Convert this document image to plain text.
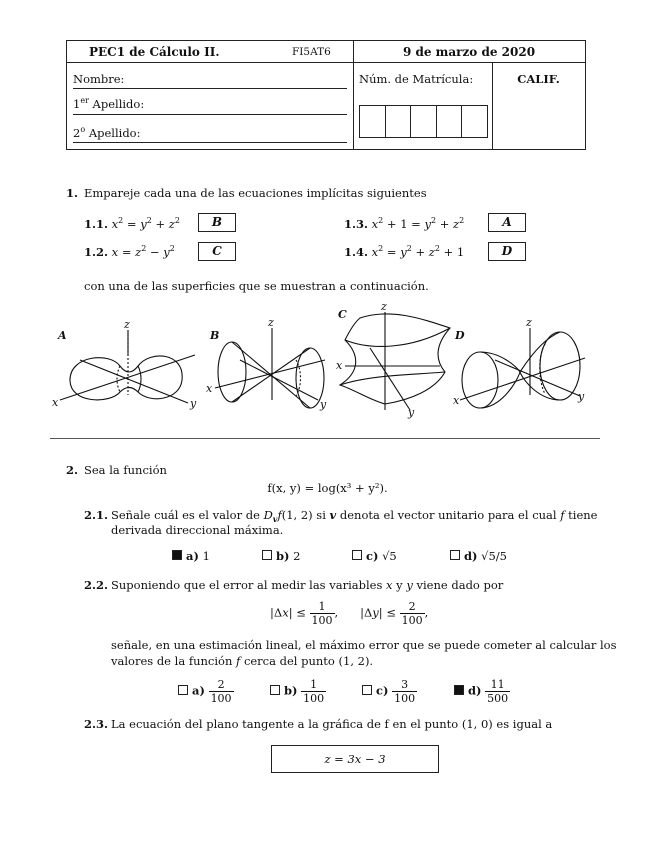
PEC1 de Cálculo II.	FI5AT6	9 de marzo de 2020
Nombre:
1er Apellido:
2$^o$ Apellido:
Núm. de Matrícula:	CALIF.
1. Empareje cada una de las ecuaciones implícitas siguientes
1.1. $x^2 = y^2 + z^2$	B
1.2. $x = z^2 - y^2$	C
1.3. $x^2 + 1 = y^2 + z^2$	A
1.4. $x^2 = y^2 + z^2 + 1$	D
con una de las superficies que se muestran a continuación.
A
z
x	y
B
z
x
y
C
z
x
y
D
z
x	y
2. Sea la función
f(x, y) = log(x³ + y²).
2.1. Señale cuál es el valor de $D_vf(1$, 2) si v denota el vector unitario para el cual f tiene
derivada direccional máxima.
a) 1	b) 2	c) √5	d) √5/5
2.2. Suponiendo que el error al medir las variables x y y viene dado por
$|\Delta x| \le \frac{1}{100}$ ,      $|\Delta y| \le \frac{2}{100}$ ,
señale, en una estimación lineal, el máximo error que se puede cometer al calcular los
valores de la función f cerca del punto (1, 2).
$a) \frac{2}{100}$	$b) \frac{1}{100}$	$c) \frac{3}{100}$	$d) \frac{11}{500}$
2.3. La ecuación del plano tangente a la gráfica de f en el punto (1, 0) es igual a
z = 3x − 3
